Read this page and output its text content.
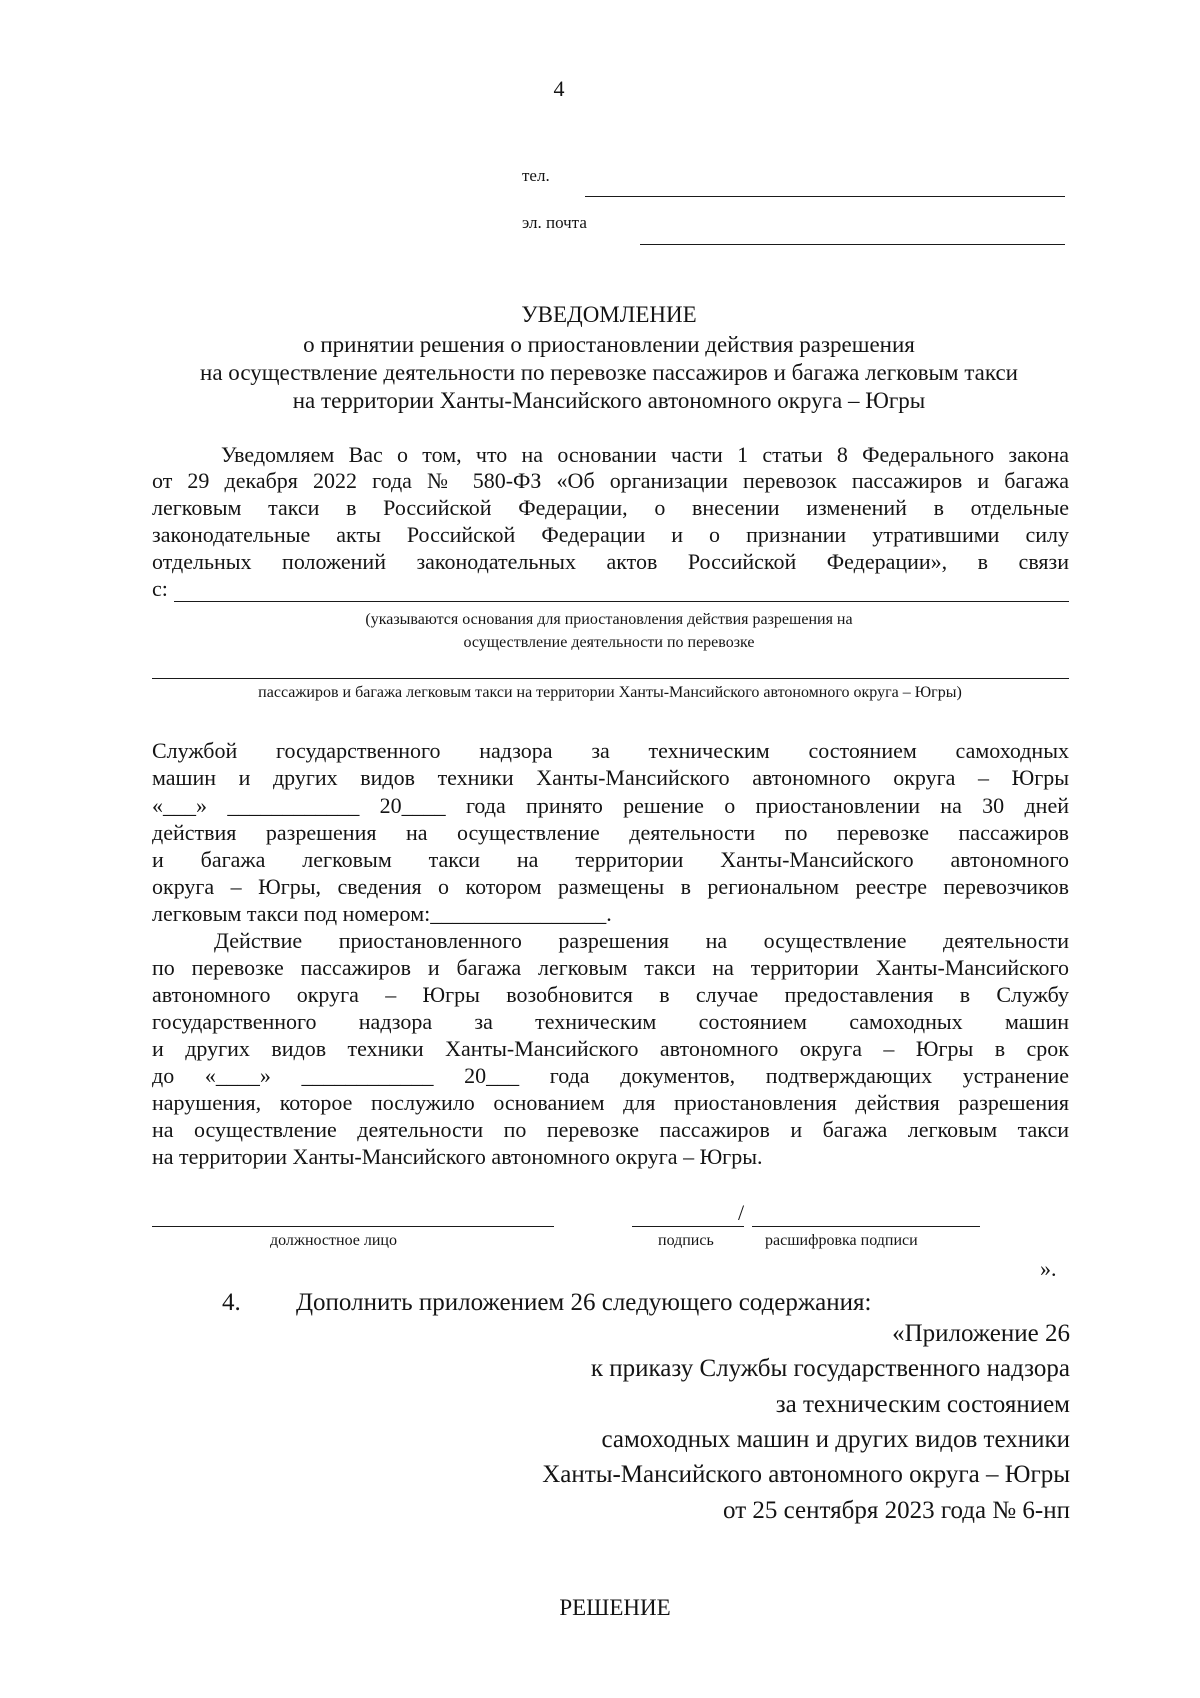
4
тел.
эл. почта
УВЕДОМЛЕНИЕ
о принятии решения о приостановлении действия разрешения
на осуществление деятельности по перевозке пассажиров и багажа легковым такси
на территории Ханты-Мансийского автономного округа – Югры
Уведомляем Вас о том, что на основании части 1 статьи 8 Федерального закона
от 29 декабря 2022 года № 580-ФЗ «Об организации перевозок пассажиров и багажа
легковым такси в Российской Федерации, о внесении изменений в отдельные
законодательные акты Российской Федерации и о признании утратившими силу
отдельных положений законодательных актов Российской Федерации», в связи
с:
(указываются основания для приостановления действия разрешения на
осуществление деятельности по перевозке
пассажиров и багажа легковым такси на территории Ханты-Мансийского автономного округа – Югры)
Службой государственного надзора за техническим состоянием самоходных
машин и других видов техники Ханты-Мансийского автономного округа – Югры
«___» ____________ 20____ года принято решение о приостановлении на 30 дней
действия разрешения на осуществление деятельности по перевозке пассажиров
и багажа легковым такси на территории Ханты-Мансийского автономного
округа – Югры, сведения о котором размещены в региональном реестре перевозчиков
легковым такси под номером:________________.
Действие приостановленного разрешения на осуществление деятельности
по перевозке пассажиров и багажа легковым такси на территории Ханты-Мансийского
автономного округа – Югры возобновится в случае предоставления в Службу
государственного надзора за техническим состоянием самоходных машин
и других видов техники Ханты-Мансийского автономного округа – Югры в срок
до «____» ____________ 20___ года документов, подтверждающих устранение
нарушения, которое послужило основанием для приостановления действия разрешения
на осуществление деятельности по перевозке пассажиров и багажа легковым такси
на территории Ханты-Мансийского автономного округа – Югры.
должностное лицо
/
подпись	расшифровка подписи
».
4. Дополнить приложением 26 следующего содержания:
«Приложение 26
к приказу Службы государственного надзора
за техническим состоянием
самоходных машин и других видов техники
Ханты-Мансийского автономного округа – Югры
от 25 сентября 2023 года № 6-нп
РЕШЕНИЕ
